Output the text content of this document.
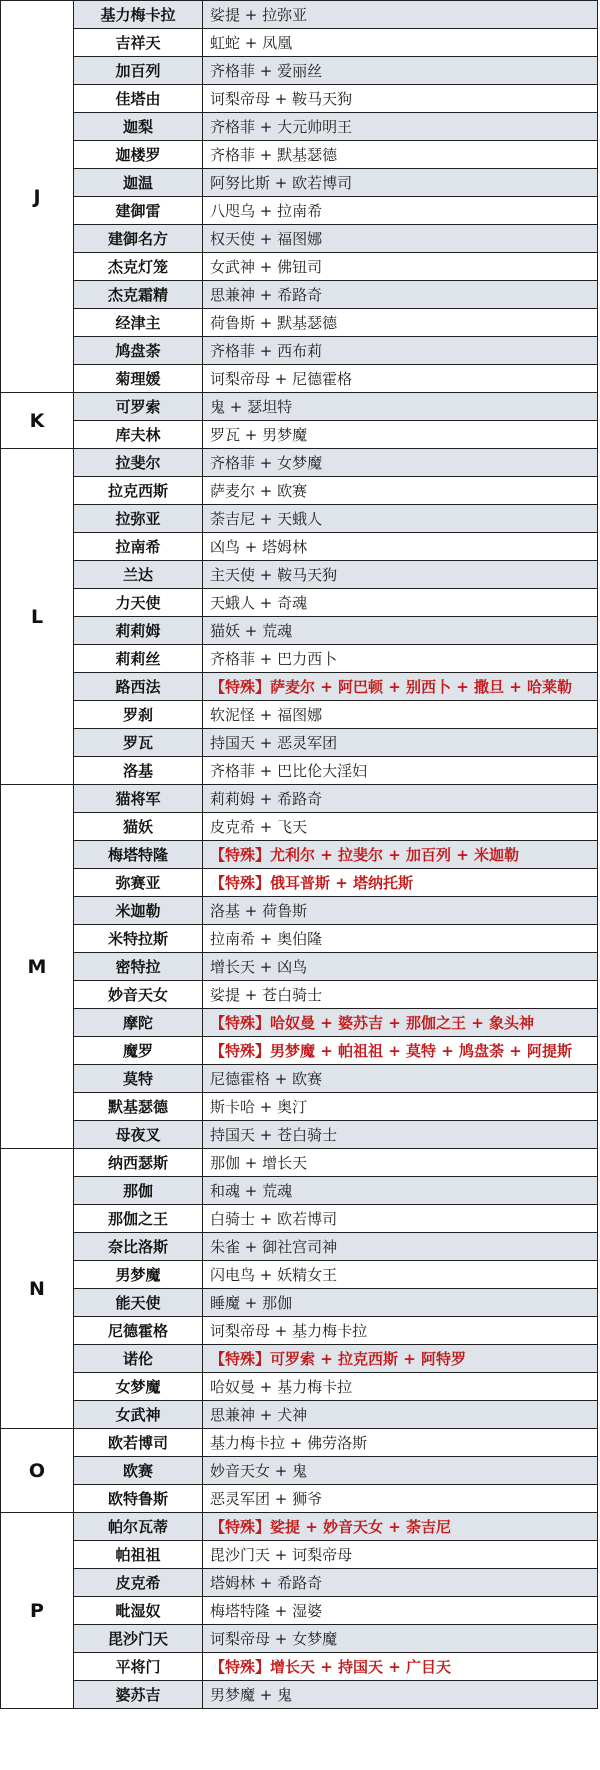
J	基力梅卡拉	娑提 + 拉弥亚
	吉祥天	虹蛇 + 凤凰
	加百列	齐格菲 + 爱丽丝
	佳塔由	诃梨帝母 + 鞍马天狗
	迦梨	齐格菲 + 大元帅明王
	迦楼罗	齐格菲 + 默基瑟德
	迦温	阿努比斯 + 欧若博司
	建御雷	八咫乌 + 拉南希
	建御名方	权天使 + 福图娜
	杰克灯笼	女武神 + 佛钮司
	杰克霜精	思兼神 + 希路奇
	经津主	荷鲁斯 + 默基瑟德
	鸠盘荼	齐格菲 + 西布莉
	菊理媛	诃梨帝母 + 尼德霍格
K	可罗索	鬼 + 瑟坦特
	库夫林	罗瓦 + 男梦魔
L	拉斐尔	齐格菲 + 女梦魔
	拉克西斯	萨麦尔 + 欧赛
	拉弥亚	荼吉尼 + 天蛾人
	拉南希	凶鸟 + 塔姆林
	兰达	主天使 + 鞍马天狗
	力天使	天蛾人 + 奇魂
	莉莉姆	猫妖 + 荒魂
	莉莉丝	齐格菲 + 巴力西卜
	路西法	【特殊】萨麦尔 + 阿巴顿 + 别西卜 + 撒旦 + 哈莱勒
	罗刹	软泥怪 + 福图娜
	罗瓦	持国天 + 恶灵军团
	洛基	齐格菲 + 巴比伦大淫妇
M	猫将军	莉莉姆 + 希路奇
	猫妖	皮克希 + 飞天
	梅塔特隆	【特殊】尤利尔 + 拉斐尔 + 加百列 + 米迦勒
	弥赛亚	【特殊】俄耳普斯 + 塔纳托斯
	米迦勒	洛基 + 荷鲁斯
	米特拉斯	拉南希 + 奥伯隆
	密特拉	增长天 + 凶鸟
	妙音天女	娑提 + 苍白骑士
	摩陀	【特殊】哈奴曼 + 婆苏吉 + 那伽之王 + 象头神
	魔罗	【特殊】男梦魔 + 帕祖祖 + 莫特 + 鸠盘荼 + 阿提斯
	莫特	尼德霍格 + 欧赛
	默基瑟德	斯卡哈 + 奥汀
	母夜叉	持国天 + 苍白骑士
N	纳西瑟斯	那伽 + 增长天
	那伽	和魂 + 荒魂
	那伽之王	白骑士 + 欧若博司
	奈比洛斯	朱雀 + 御社宫司神
	男梦魔	闪电鸟 + 妖精女王
	能天使	睡魔 + 那伽
	尼德霍格	诃梨帝母 + 基力梅卡拉
	诺伦	【特殊】可罗索 + 拉克西斯 + 阿特罗
	女梦魔	哈奴曼 + 基力梅卡拉
	女武神	思兼神 + 犬神
O	欧若博司	基力梅卡拉 + 佛劳洛斯
	欧赛	妙音天女 + 鬼
	欧特鲁斯	恶灵军团 + 狮爷
P	帕尔瓦蒂	【特殊】娑提 + 妙音天女 + 荼吉尼
	帕祖祖	毘沙门天 + 诃梨帝母
	皮克希	塔姆林 + 希路奇
	毗湿奴	梅塔特隆 + 湿婆
	毘沙门天	诃梨帝母 + 女梦魔
	平将门	【特殊】增长天 + 持国天 + 广目天
	婆苏吉	男梦魔 + 鬼
